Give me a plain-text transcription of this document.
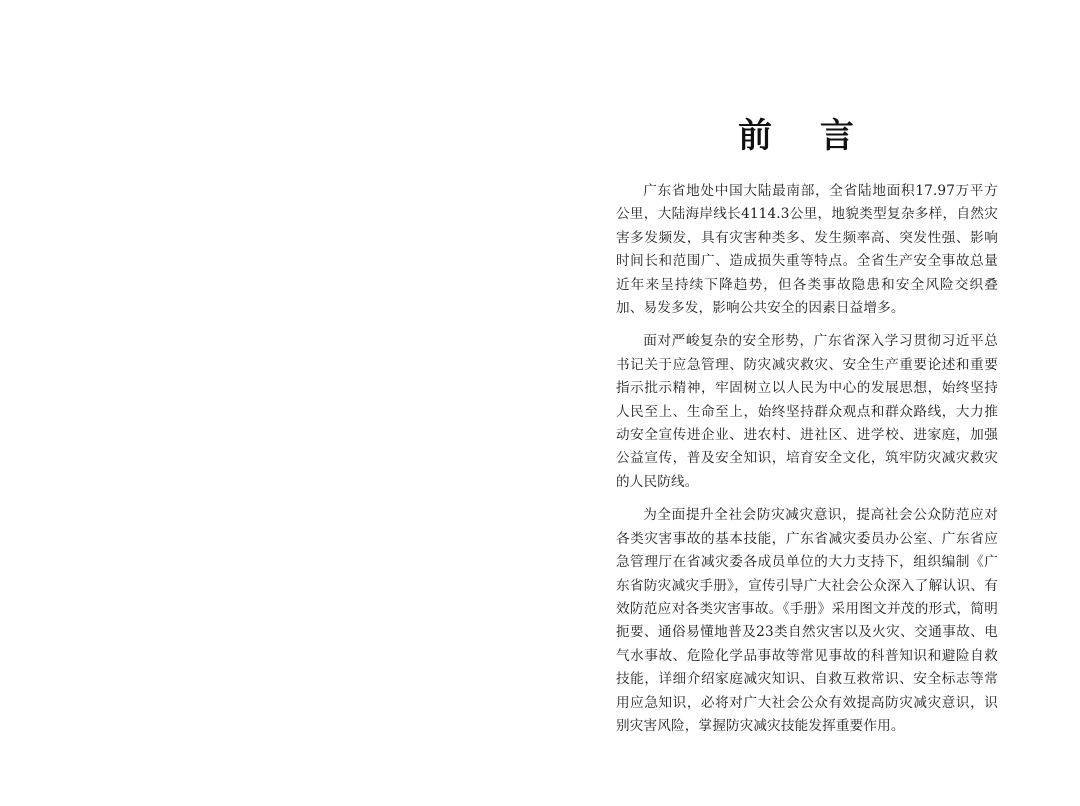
前 言

广东省地处中国大陆最南部，全省陆地面积17.97万平方公里，大陆海岸线长4114.3公里，地貌类型复杂多样，自然灾害多发频发，具有灾害种类多、发生频率高、突发性强、影响时间长和范围广、造成损失重等特点。全省生产安全事故总量近年来呈持续下降趋势，但各类事故隐患和安全风险交织叠加、易发多发，影响公共安全的因素日益增多。

面对严峻复杂的安全形势，广东省深入学习贯彻习近平总书记关于应急管理、防灾减灾救灾、安全生产重要论述和重要指示批示精神，牢固树立以人民为中心的发展思想，始终坚持人民至上、生命至上，始终坚持群众观点和群众路线，大力推动安全宣传进企业、进农村、进社区、进学校、进家庭，加强公益宣传，普及安全知识，培育安全文化，筑牢防灾减灾救灾的人民防线。

为全面提升全社会防灾减灾意识，提高社会公众防范应对各类灾害事故的基本技能，广东省减灾委员办公室、广东省应急管理厅在省减灾委各成员单位的大力支持下，组织编制《广东省防灾减灾手册》，宣传引导广大社会公众深入了解认识、有效防范应对各类灾害事故。《手册》采用图文并茂的形式，简明扼要、通俗易懂地普及23类自然灾害以及火灾、交通事故、电气水事故、危险化学品事故等常见事故的科普知识和避险自救技能，详细介绍家庭减灾知识、自救互救常识、安全标志等常用应急知识，必将对广大社会公众有效提高防灾减灾意识，识别灾害风险，掌握防灾减灾技能发挥重要作用。
